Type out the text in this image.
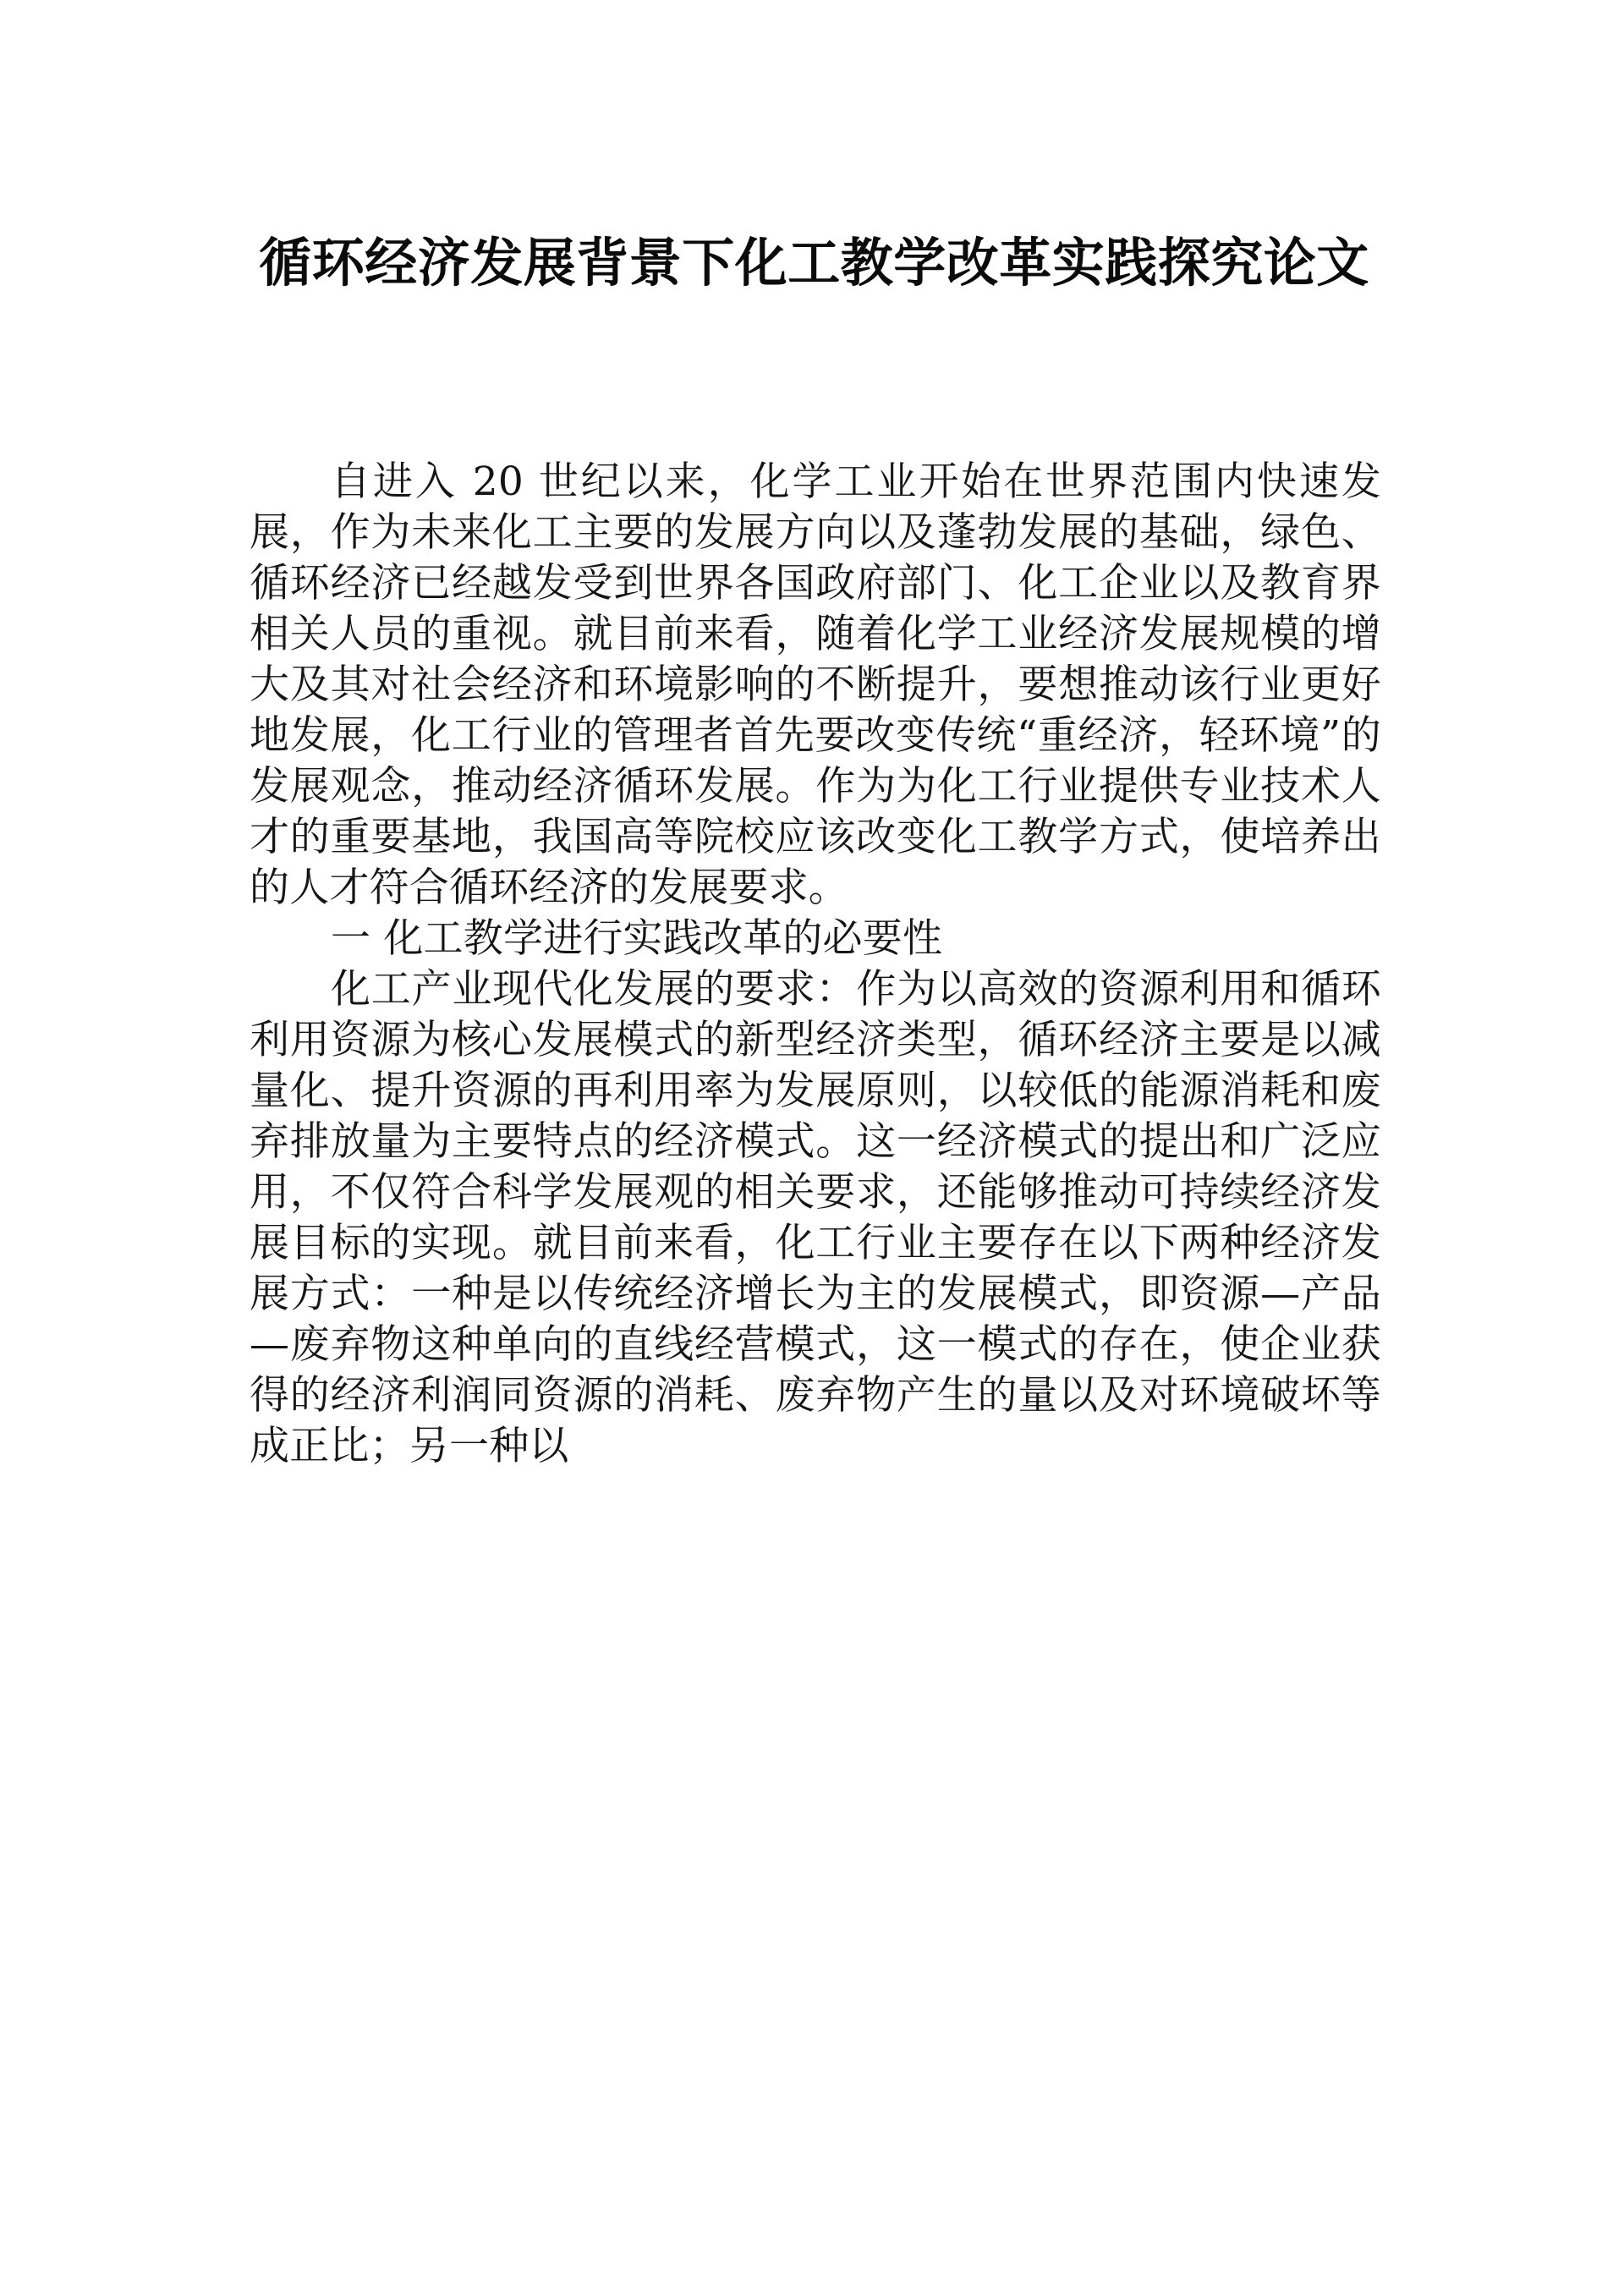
循环经济发展背景下化工教学改革实践探究论文

自进入 20 世纪以来，化学工业开始在世界范围内快速发展，作为未来化工主要的发展方向以及蓬勃发展的基础，绿色、循环经济已经越发受到世界各国政府部门、化工企业以及教育界相关人员的重视。就目前来看，随着化学工业经济发展规模的增大及其对社会经济和环境影响的不断提升，要想推动该行业更好地发展，化工行业的管理者首先要改变传统“重经济，轻环境”的发展观念，推动经济循环发展。作为为化工行业提供专业技术人才的重要基地，我国高等院校应该改变化工教学方式，使培养出的人才符合循环经济的发展要求。

一 化工教学进行实践改革的必要性

化工产业现代化发展的要求：作为以高效的资源利用和循环利用资源为核心发展模式的新型经济类型，循环经济主要是以减量化、提升资源的再利用率为发展原则，以较低的能源消耗和废弃排放量为主要特点的经济模式。这一经济模式的提出和广泛应用，不仅符合科学发展观的相关要求，还能够推动可持续经济发展目标的实现。就目前来看，化工行业主要存在以下两种经济发展方式：一种是以传统经济增长为主的发展模式，即资源—产品—废弃物这种单向的直线经营模式，这一模式的存在，使企业获得的经济利润同资源的消耗、废弃物产生的量以及对环境破坏等成正比；另一种以
